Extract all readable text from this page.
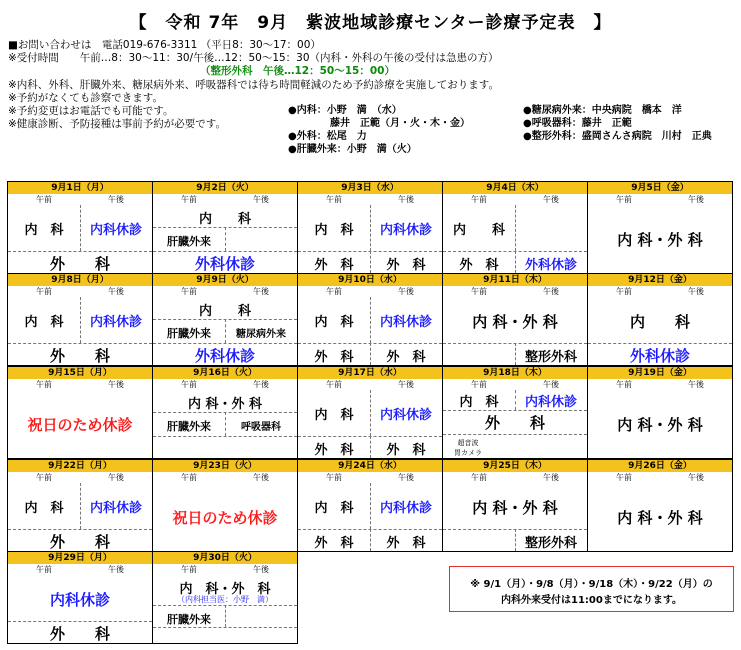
【　令和 7年　9月　紫波地域診療センター診療予定表　】
■お問い合わせは　電話019-676-3311 （平日8：30〜17：00）
※受付時間　　午前…8：30〜11：30/午後…12：50〜15：30（内科・外科の午後の受付は急患の方）
（整形外科　午後…12：50〜15：00）
※内科、外科、肝臓外来、糖尿病外来、呼吸器科では待ち時間軽減のため予約診療を実施しております。
※予約がなくても診察できます。
※予約変更はお電話でも可能です。
※健康診断、予防接種は事前予約が必要です。
●内科：小野　満　（水）
藤井　正範（月・火・木・金）
●外科：松尾　力
●肝臓外来：小野　満（火）
●糖尿病外来：中央病院　橋本　洋
●呼吸器科：藤井　正範
●整形外科：盛岡さんさ病院　川村　正典
9月1日（月）
午前	午後
内　科	内科休診
外　　科
9月2日（火）
午前	午後
内　　科
肝臓外来
外科休診
9月3日（水）
午前	午後
内　科	内科休診
外　科	外　科
9月4日（木）
午前	午後
内　　科
外　科	外科休診
9月5日（金）
午前	午後
内 科・外 科
9月8日（月）
午前	午後
内　科	内科休診
外　　科
9月9日（火）
午前	午後
内　　科
肝臓外来	糖尿病外来
外科休診
9月10日（水）
午前	午後
内　科	内科休診
外　科	外　科
9月11日（木）
午前	午後
内 科・外 科
整形外科
9月12日（金）
午前	午後
内　　科
外科休診
9月15日（月）
午前	午後
祝日のため休診
9月16日（火）
午前	午後
内 科・外 科
肝臓外来	呼吸器科
9月17日（水）
午前	午後
内　科	内科休診
外　科	外　科
9月18日（木）
午前	午後
内　科	内科休診
外　　科
超音波
胃カメラ
9月19日（金）
午前	午後
内 科・外 科
9月22日（月）
午前	午後
内　科	内科休診
外　　科
9月23日（火）
午前	午後
祝日のため休診
9月24日（水）
午前	午後
内　科	内科休診
外　科	外　科
9月25日（木）
午前	午後
内 科・外 科
整形外科
9月26日（金）
午前	午後
内 科・外 科
9月29日（月）
午前	午後
内科休診
外　　科
9月30日（火）
午前	午後
内　科・外　科
（内科担当医：小野　満）
肝臓外来
※ 9/1（月）・9/8（月）・9/18（木）・9/22（月）の
内科外来受付は11:00までになります。
